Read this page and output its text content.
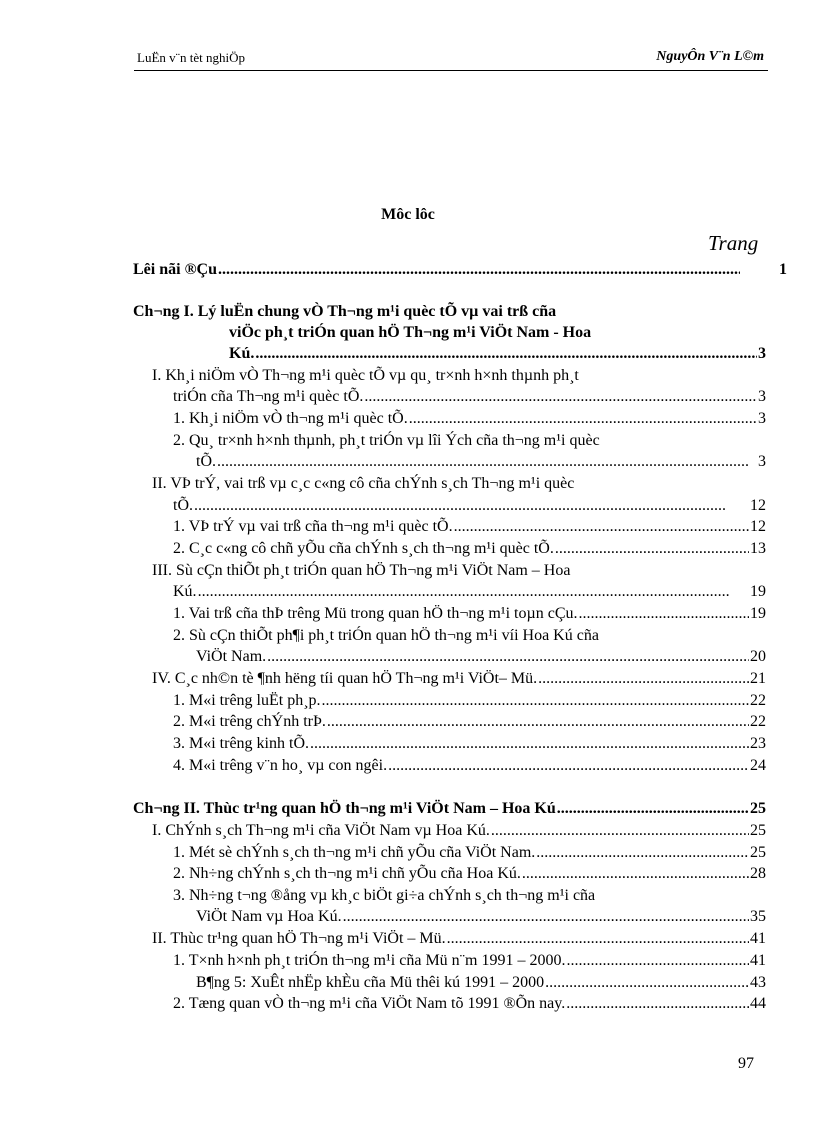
LuËn v¨n tèt nghiÖp	NguyÔn V¨n L©m
Môc lôc
Trang
Lêi nãi ®Çu . . .	1
Ch¬ng I. Lý luËn chung vÒ Th¬ng m¹i quèc tÕ vµ vai trß cña
viÖc ph¸t triÓn quan hÖ Th¬ng m¹i ViÖt Nam - Hoa
Kú. . . .	3
I. Kh¸i niÖm vÒ Th¬ng m¹i quèc tÕ vµ qu¸ tr×nh h×nh thµnh ph¸t
triÓn cña Th¬ng m¹i quèc tÕ. . . .	3
1. Kh¸i niÖm vÒ th¬ng m¹i quèc tÕ. . . .	3
2. Qu¸ tr×nh h×nh thµnh, ph¸t triÓn vµ lîi Ých cña th¬ng m¹i quèc
tÕ. . . .	3
II. VÞ trÝ, vai trß vµ c¸c c«ng cô cña chÝnh s¸ch Th¬ng m¹i quèc
tÕ. . . .	12
1. VÞ trÝ vµ vai trß cña th¬ng m¹i quèc tÕ. . . .	12
2. C¸c c«ng cô chñ yÕu cña chÝnh s¸ch th¬ng m¹i quèc tÕ. . . .	13
III. Sù cÇn thiÕt ph¸t triÓn quan hÖ Th¬ng m¹i ViÖt Nam – Hoa
Kú. . . .	19
1. Vai trß cña thÞ trêng Mü trong quan hÖ th¬ng m¹i toµn cÇu. . . .	19
2. Sù cÇn thiÕt ph¶i ph¸t triÓn quan hÖ th¬ng m¹i víi Hoa Kú cña
ViÖt Nam. . . .	20
IV. C¸c nh©n tè ¶nh hëng tíi quan hÖ Th¬ng m¹i ViÖt– Mü. . . .	21
1. M«i trêng luËt ph¸p. . . .	22
2. M«i trêng chÝnh trÞ. . . .	22
3. M«i trêng kinh tÕ. . . .	23
4. M«i trêng v¨n ho¸ vµ con ngêi. . . .	24
Ch¬ng II. Thùc tr¹ng quan hÖ th¬ng m¹i ViÖt Nam – Hoa Kú . . .	25
I. ChÝnh s¸ch Th¬ng m¹i cña ViÖt Nam vµ Hoa Kú. . . .	25
1. Mét sè chÝnh s¸ch th¬ng m¹i chñ yÕu cña ViÖt Nam. . . .	25
2. Nh÷ng chÝnh s¸ch th¬ng m¹i chñ yÕu cña Hoa Kú. . . .	28
3. Nh÷ng t¬ng ®ång vµ kh¸c biÖt gi÷a chÝnh s¸ch th¬ng m¹i cña
ViÖt Nam vµ Hoa Kú. . . .	35
II. Thùc tr¹ng quan hÖ Th¬ng m¹i ViÖt – Mü. . . .	41
1. T×nh h×nh ph¸t triÓn th¬ng m¹i cña Mü n¨m 1991 – 2000. . . .	41
B¶ng 5: XuÊt nhËp khÈu cña Mü thêi kú 1991 – 2000 . . .	43
2. Tæng quan vÒ th¬ng m¹i cña ViÖt Nam tõ 1991 ®Õn nay. . . .	44
97
